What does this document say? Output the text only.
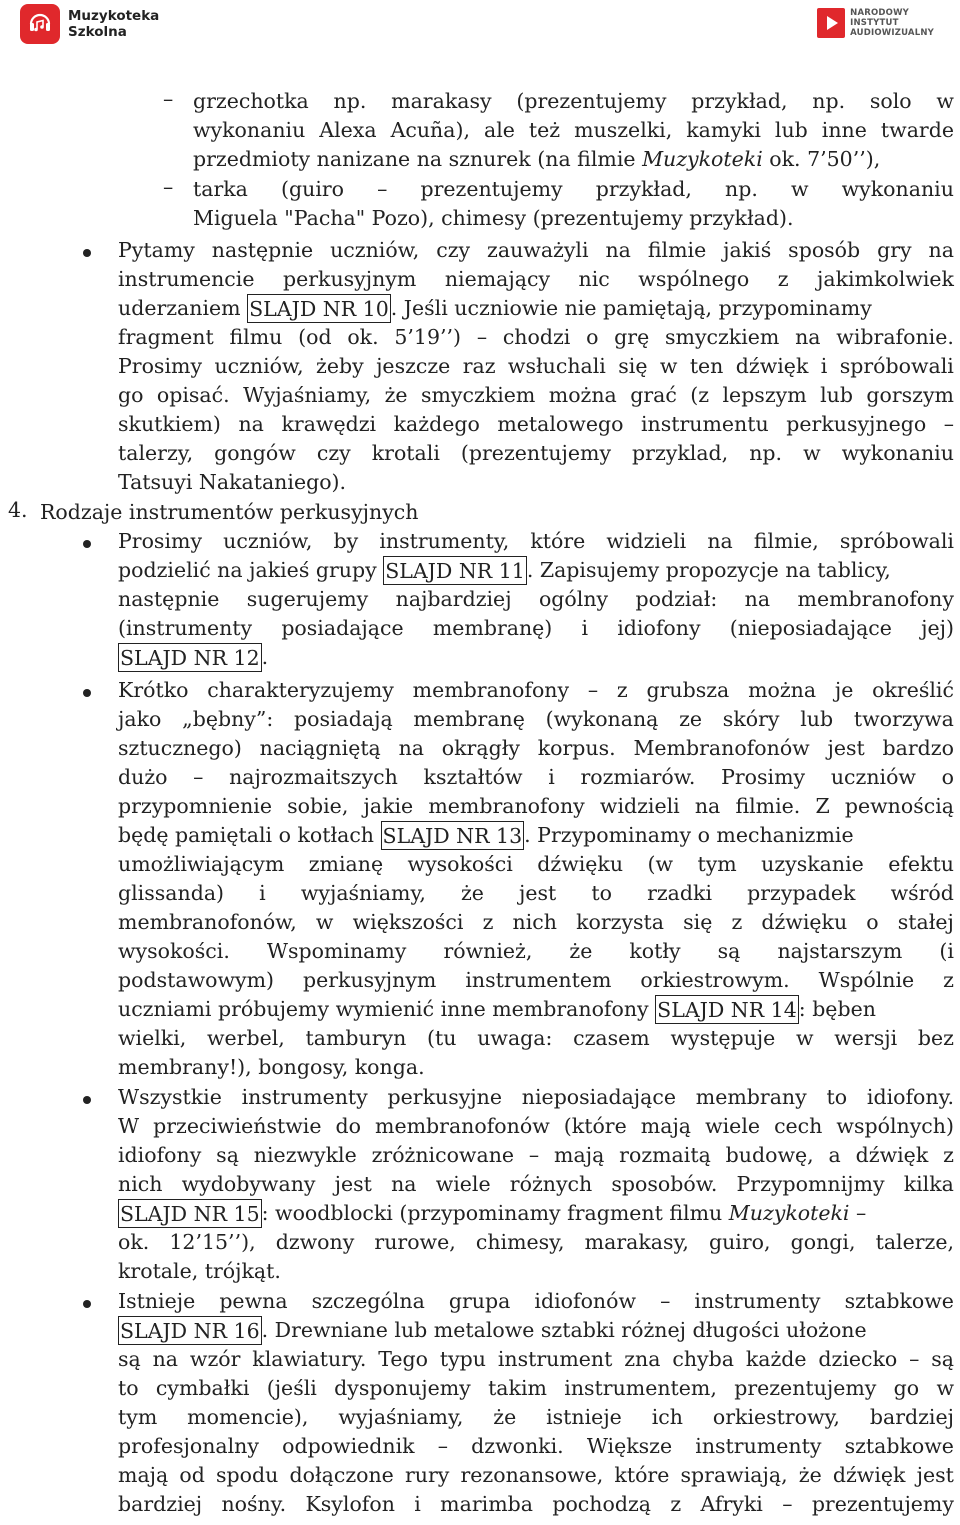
Muzykoteka
Szkolna
NARODOWY
INSTYTUT
AUDIOWIZUALNY
– grzechotka np. marakasy (prezentujemy przykład, np. solo w
wykonaniu Alexa Acuña), ale też muszelki, kamyki lub inne twarde
przedmioty nanizane na sznurek (na filmie Muzykoteki ok. 7’50’’),
– tarka (guiro – prezentujemy przykład, np. w wykonaniu
Miguela "Pacha" Pozo), chimesy (prezentujemy przykład).
Pytamy następnie uczniów, czy zauważyli na filmie jakiś sposób gry na
instrumencie perkusyjnym niemający nic wspólnego z jakimkolwiek
uderzaniem SLAJD NR 10 . Jeśli uczniowie nie pamiętają, przypominamy
fragment filmu (od ok. 5’19’’) – chodzi o grę smyczkiem na wibrafonie.
Prosimy uczniów, żeby jeszcze raz wsłuchali się w ten dźwięk i spróbowali
go opisać. Wyjaśniamy, że smyczkiem można grać (z lepszym lub gorszym
skutkiem) na krawędzi każdego metalowego instrumentu perkusyjnego –
talerzy, gongów czy krotali (prezentujemy przyklad, np. w wykonaniu
Tatsuyi Nakataniego).
Prosimy uczniów, by instrumenty, które widzieli na filmie, spróbowali
podzielić na jakieś grupy SLAJD NR 11 . Zapisujemy propozycje na tablicy,
następnie sugerujemy najbardziej ogólny podział: na membranofony
(instrumenty posiadające membranę) i idiofony (nieposiadające jej)
SLAJD NR 12 .
Krótko charakteryzujemy membranofony – z grubsza można je określić
jako „bębny”: posiadają membranę (wykonaną ze skóry lub tworzywa
sztucznego) naciągniętą na okrągły korpus. Membranofonów jest bardzo
dużo – najrozmaitszych kształtów i rozmiarów. Prosimy uczniów o
przypomnienie sobie, jakie membranofony widzieli na filmie. Z pewnością
będę pamiętali o kotłach SLAJD NR 13 . Przypominamy o mechanizmie
umożliwiającym zmianę wysokości dźwięku (w tym uzyskanie efektu
glissanda) i wyjaśniamy, że jest to rzadki przypadek wśród
membranofonów, w większości z nich korzysta się z dźwięku o stałej
wysokości. Wspominamy również, że kotły są najstarszym (i
podstawowym) perkusyjnym instrumentem orkiestrowym. Wspólnie z
uczniami próbujemy wymienić inne membranofony SLAJD NR 14 : bęben
wielki, werbel, tamburyn (tu uwaga: czasem występuje w wersji bez
membrany!), bongosy, konga.
Wszystkie instrumenty perkusyjne nieposiadające membrany to idiofony.
W przeciwieństwie do membranofonów (które mają wiele cech wspólnych)
idiofony są niezwykle zróżnicowane – mają rozmaitą budowę, a dźwięk z
nich wydobywany jest na wiele różnych sposobów. Przypomnijmy kilka
SLAJD NR 15 : woodblocki (przypominamy fragment filmu Muzykoteki –
ok. 12’15’’), dzwony rurowe, chimesy, marakasy, guiro, gongi, talerze,
krotale, trójkąt.
Istnieje pewna szczególna grupa idiofonów – instrumenty sztabkowe
SLAJD NR 16 . Drewniane lub metalowe sztabki różnej długości ułożone
są na wzór klawiatury. Tego typu instrument zna chyba każde dziecko – są
to cymbałki (jeśli dysponujemy takim instrumentem, prezentujemy go w
tym momencie), wyjaśniamy, że istnieje ich orkiestrowy, bardziej
profesjonalny odpowiednik – dzwonki. Większe instrumenty sztabkowe
mają od spodu dołączone rury rezonansowe, które sprawiają, że dźwięk jest
bardziej nośny. Ksylofon i marimba pochodzą z Afryki – prezentujemy
4. Rodzaje instrumentów perkusyjnych
